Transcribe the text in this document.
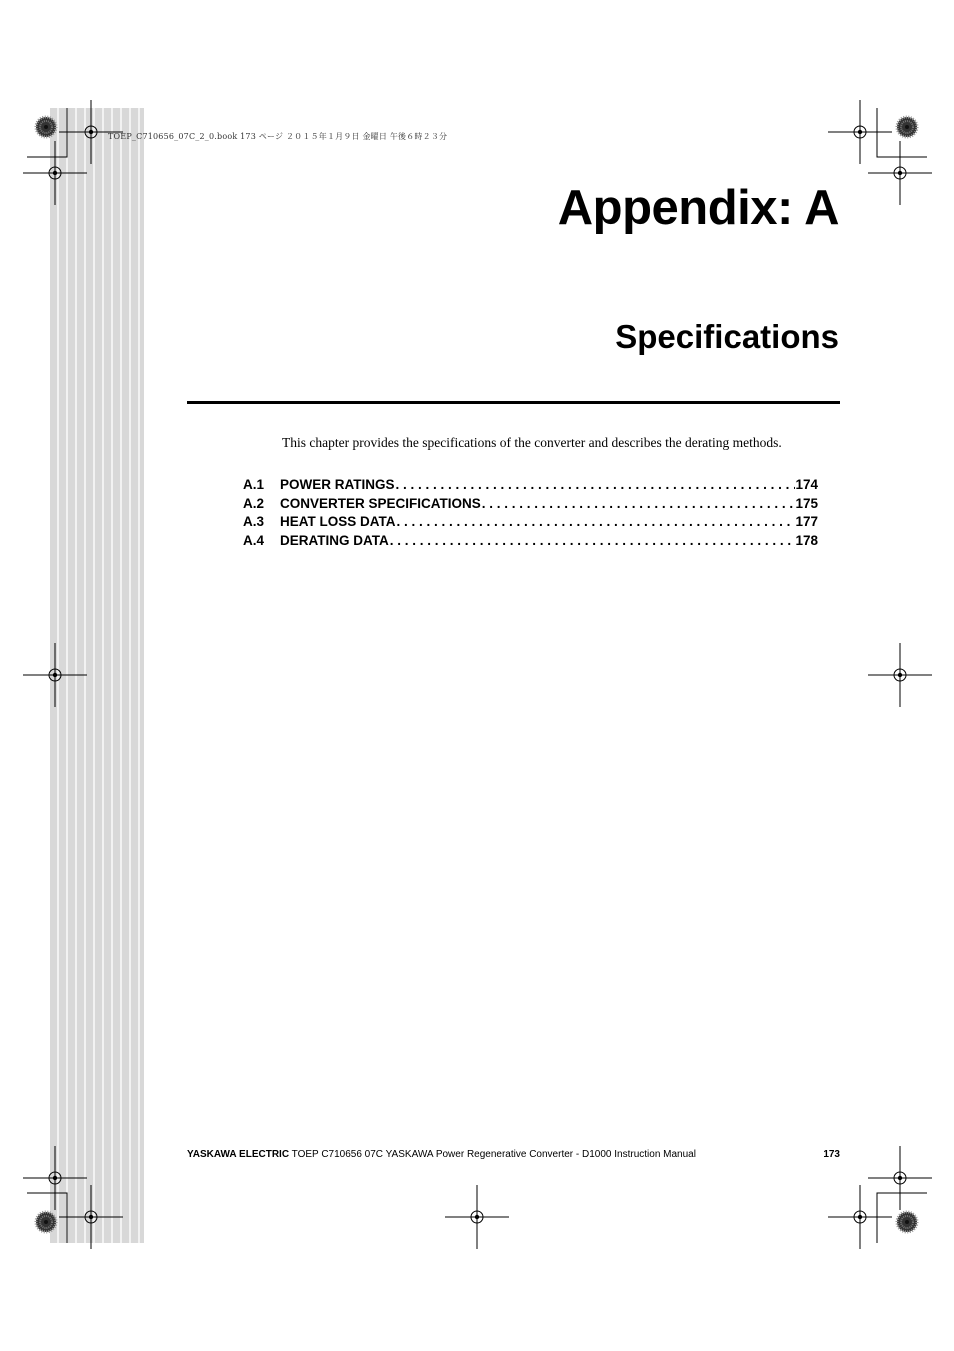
TOEP_C710656_07C_2_0.book 173 ページ ２０１５年１月９日 金曜日 午後６時２３分
Appendix: A
Specifications
This chapter provides the specifications of the converter and describes the derating methods.
A.1	POWER RATINGS . . .	174
A.2	CONVERTER SPECIFICATIONS . . .	175
A.3	HEAT LOSS DATA . . .	177
A.4	DERATING DATA . . .	178
YASKAWA ELECTRIC TOEP C710656 07C YASKAWA Power Regenerative Converter - D1000 Instruction Manual	173
